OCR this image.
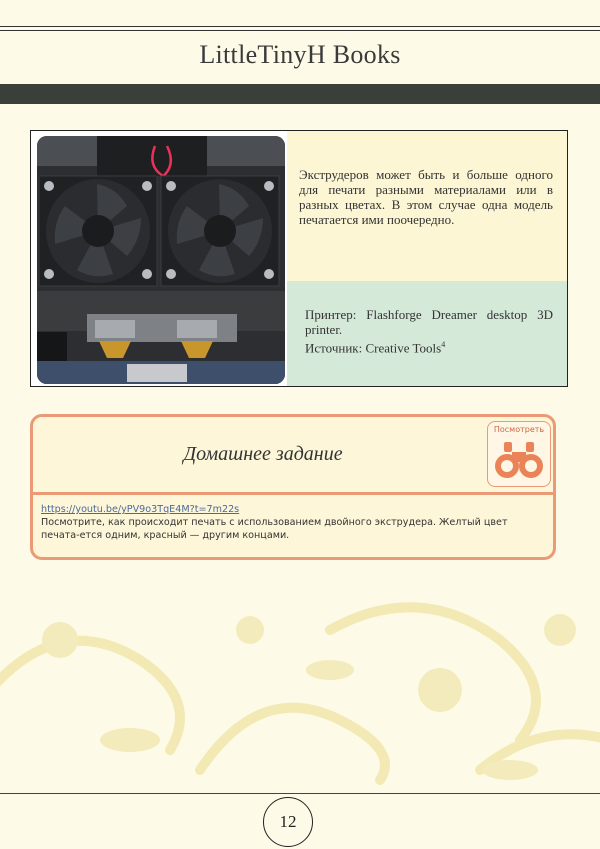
LittleTinyH Books

Экструдеров может быть и больше одного для печати разными материалами или в разных цветах. В этом случае одна модель печатается ими поочередно.

Принтер: Flashforge Dreamer desktop 3D printer.

Источник: Creative Tools$^4$

Домашнее задание
Посмотреть
https://youtu.be/yPV9o3TqE4M?t=7m22s
Посмотрите, как происходит печать с использованием двойного экструдера. Желтый цвет печата-ется одним, красный — другим концами.
12
